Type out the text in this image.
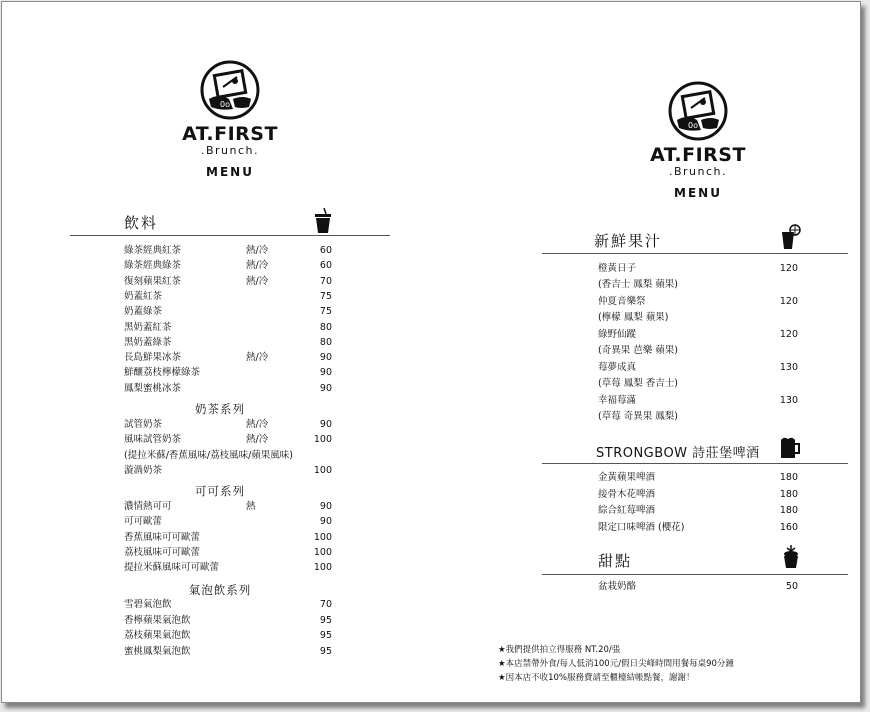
0o
AT.FIRST
.Brunch.
MENU
飲料
綠茶經典紅茶	熱/冷	60
綠茶經典綠茶	熱/冷	60
復刻蘋果紅茶	熱/冷	70
奶蓋紅茶	75
奶蓋綠茶	75
黑奶蓋紅茶	80
黑奶蓋綠茶	80
長島鮮果冰茶	熱/冷	90
鮮釀荔枝檸檬綠茶	90
鳳梨蜜桃冰茶	90
奶茶系列
試管奶茶	熱/冷	90
風味試管奶茶	熱/冷	100
(提拉米蘇/香蕉風味/荔枝風味/蘋果風味)
漩渦奶茶	100
可可系列
濃情熱可可	熱	90
可可歐蕾	90
香蕉風味可可歐蕾	100
荔枝風味可可歐蕾	100
提拉米蘇風味可可歐蕾	100
氣泡飲系列
雪碧氣泡飲	70
香檸蘋果氣泡飲	95
荔枝蘋果氣泡飲	95
蜜桃鳳梨氣泡飲	95
0o
AT.FIRST
.Brunch.
MENU
新鮮果汁
STRONGBOW 詩莊堡啤酒
甜點
橙黃日子	120
(香吉士 鳳梨 蘋果)
仲夏音樂祭	120
(檸檬 鳳梨 蘋果)
綠野仙蹤	120
(奇異果 芭樂 蘋果)
莓夢成真	130
(草莓 鳳梨 香吉士)
幸福莓滿	130
(草莓 奇異果 鳳梨)
金黃蘋果啤酒	180
接骨木花啤酒	180
綜合紅莓啤酒	180
限定口味啤酒 (櫻花)	160
盆栽奶酪	50
★我們提供拍立得服務 NT.20/張
★本店禁帶外食/每人低消100元/假日尖峰時間用餐每桌90分鐘
★因本店不收10%服務費請至櫃檯結帳點餐，謝謝！
